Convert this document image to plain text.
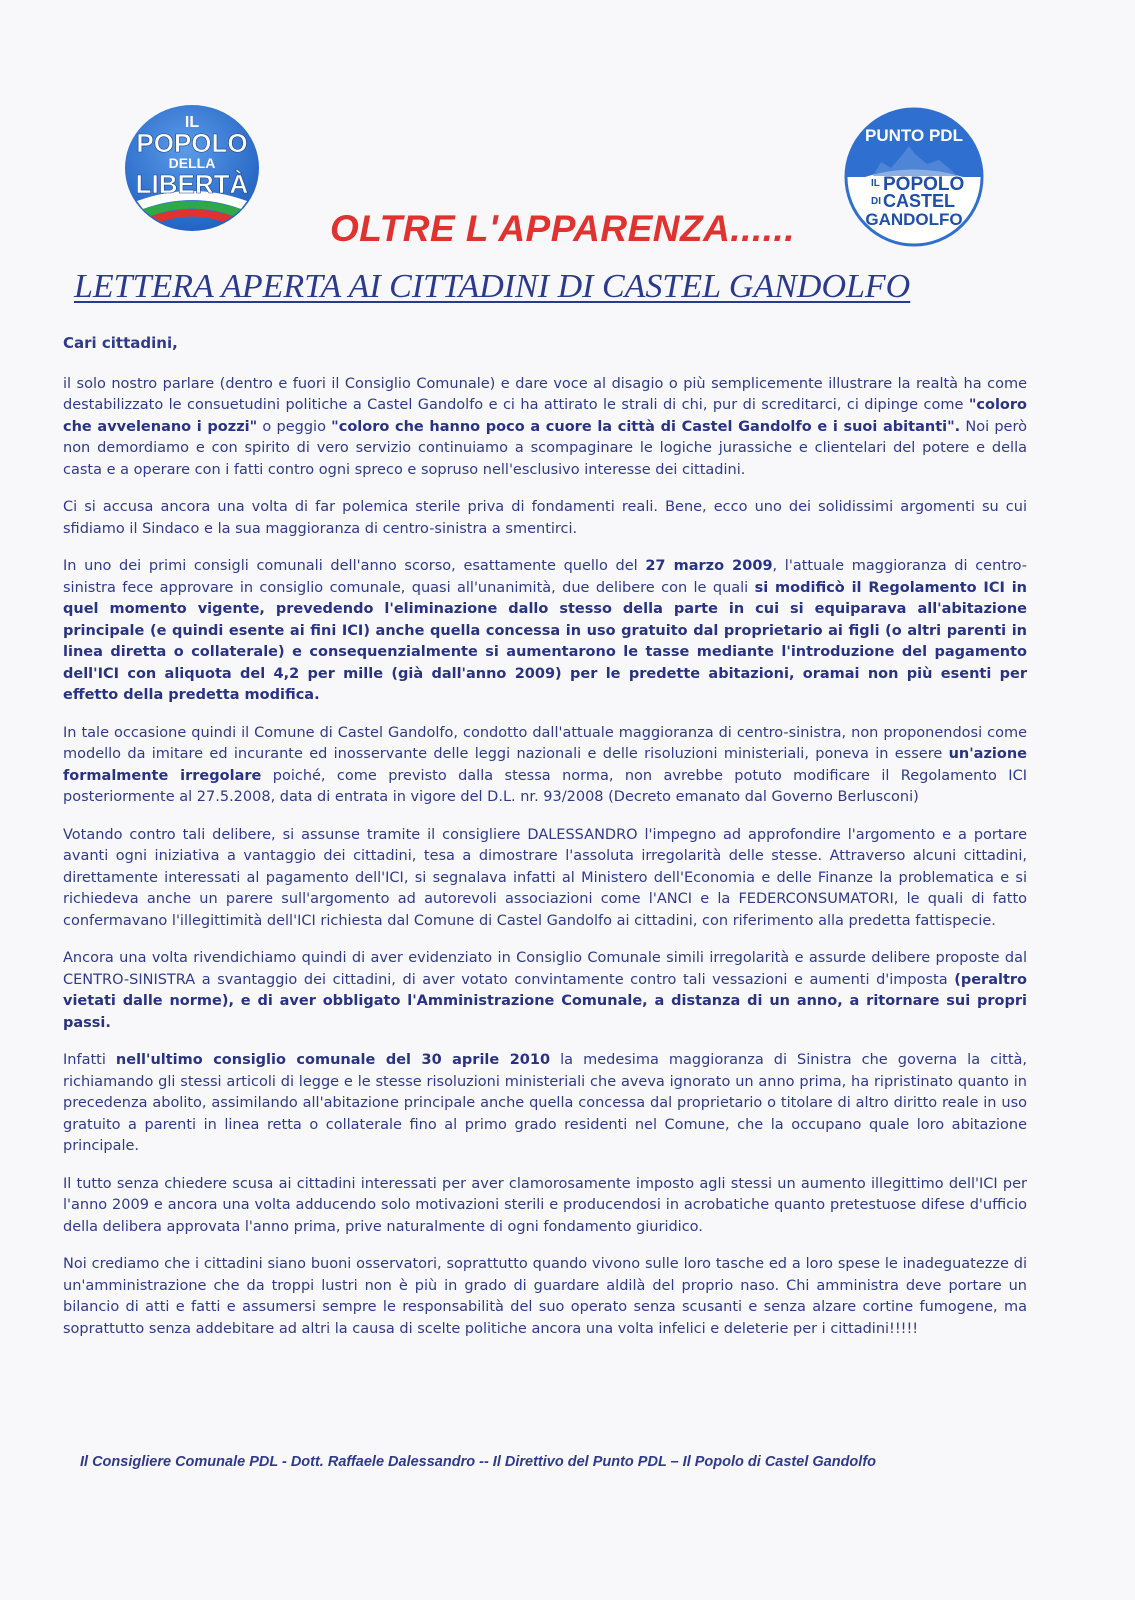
IL
POPOLO
DELLA
LIBERTÀ
PUNTO PDL
IL POPOLO
DI CASTEL
GANDOLFO
OLTRE L'APPARENZA......
LETTERA APERTA AI CITTADINI DI CASTEL GANDOLFO

Cari cittadini,

il solo nostro parlare (dentro e fuori il Consiglio Comunale) e dare voce al disagio o più semplicemente illustrare la realtà ha come destabilizzato le consuetudini politiche a Castel Gandolfo e ci ha attirato le strali di chi, pur di screditarci, ci dipinge come "coloro che avvelenano i pozzi" o peggio "coloro che hanno poco a cuore la città di Castel Gandolfo e i suoi abitanti". Noi però non demordiamo e con spirito di vero servizio continuiamo a scompaginare le logiche jurassiche e clientelari del potere e della casta e a operare con i fatti contro ogni spreco e sopruso nell'esclusivo interesse dei cittadini.

Ci si accusa ancora una volta di far polemica sterile priva di fondamenti reali. Bene, ecco uno dei solidissimi argomenti su cui sfidiamo il Sindaco e la sua maggioranza di centro-sinistra a smentirci.

In uno dei primi consigli comunali dell'anno scorso, esattamente quello del 27 marzo 2009, l'attuale maggioranza di centro-sinistra fece approvare in consiglio comunale, quasi all'unanimità, due delibere con le quali si modificò il Regolamento ICI in quel momento vigente, prevedendo l'eliminazione dallo stesso della parte in cui si equiparava all'abitazione principale (e quindi esente ai fini ICI) anche quella concessa in uso gratuito dal proprietario ai figli (o altri parenti in linea diretta o collaterale) e consequenzialmente si aumentarono le tasse mediante l'introduzione del pagamento dell'ICI con aliquota del 4,2 per mille (già dall'anno 2009) per le predette abitazioni, oramai non più esenti per effetto della predetta modifica.

In tale occasione quindi il Comune di Castel Gandolfo, condotto dall'attuale maggioranza di centro-sinistra, non proponendosi come modello da imitare ed incurante ed inosservante delle leggi nazionali e delle risoluzioni ministeriali, poneva in essere un'azione formalmente irregolare poiché, come previsto dalla stessa norma, non avrebbe potuto modificare il Regolamento ICI posteriormente al 27.5.2008, data di entrata in vigore del D.L. nr. 93/2008 (Decreto emanato dal Governo Berlusconi)

Votando contro tali delibere, si assunse tramite il consigliere DALESSANDRO l'impegno ad approfondire l'argomento e a portare avanti ogni iniziativa a vantaggio dei cittadini, tesa a dimostrare l'assoluta irregolarità delle stesse. Attraverso alcuni cittadini, direttamente interessati al pagamento dell'ICI, si segnalava infatti al Ministero dell'Economia e delle Finanze la problematica e si richiedeva anche un parere sull'argomento ad autorevoli associazioni come l'ANCI e la FEDERCONSUMATORI, le quali di fatto confermavano l'illegittimità dell'ICI richiesta dal Comune di Castel Gandolfo ai cittadini, con riferimento alla predetta fattispecie.

Ancora una volta rivendichiamo quindi di aver evidenziato in Consiglio Comunale simili irregolarità e assurde delibere proposte dal CENTRO-SINISTRA a svantaggio dei cittadini, di aver votato convintamente contro tali vessazioni e aumenti d'imposta (peraltro vietati dalle norme), e di aver obbligato l'Amministrazione Comunale, a distanza di un anno, a ritornare sui propri passi.

Infatti nell'ultimo consiglio comunale del 30 aprile 2010 la medesima maggioranza di Sinistra che governa la città, richiamando gli stessi articoli di legge e le stesse risoluzioni ministeriali che aveva ignorato un anno prima, ha ripristinato quanto in precedenza abolito, assimilando all'abitazione principale anche quella concessa dal proprietario o titolare di altro diritto reale in uso gratuito a parenti in linea retta o collaterale fino al primo grado residenti nel Comune, che la occupano quale loro abitazione principale.

Il tutto senza chiedere scusa ai cittadini interessati per aver clamorosamente imposto agli stessi un aumento illegittimo dell'ICI per l'anno 2009 e ancora una volta adducendo solo motivazioni sterili e producendosi in acrobatiche quanto pretestuose difese d'ufficio della delibera approvata l'anno prima, prive naturalmente di ogni fondamento giuridico.

Noi crediamo che i cittadini siano buoni osservatori, soprattutto quando vivono sulle loro tasche ed a loro spese le inadeguatezze di un'amministrazione che da troppi lustri non è più in grado di guardare aldilà del proprio naso. Chi amministra deve portare un bilancio di atti e fatti e assumersi sempre le responsabilità del suo operato senza scusanti e senza alzare cortine fumogene, ma soprattutto senza addebitare ad altri la causa di scelte politiche ancora una volta infelici e deleterie per i cittadini!!!!!

Il Consigliere Comunale PDL - Dott. Raffaele Dalessandro -- Il Direttivo del Punto PDL – Il Popolo di Castel Gandolfo
